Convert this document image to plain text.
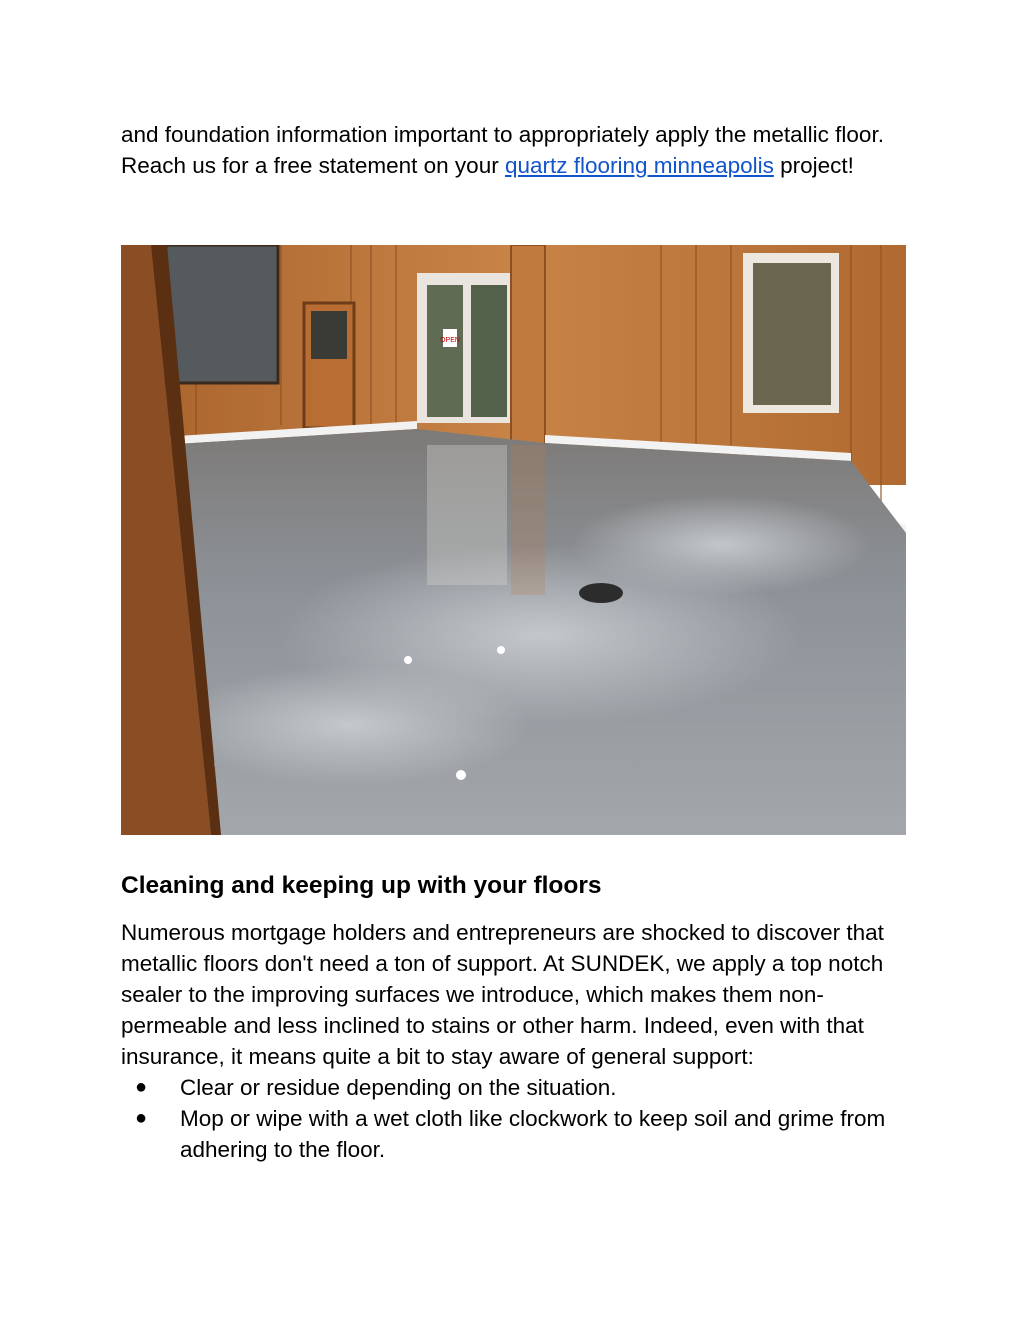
and foundation information important to appropriately apply the metallic floor. Reach us for a free statement on your quartz flooring minneapolis project!

OPEN
Cleaning and keeping up with your floors

Numerous mortgage holders and entrepreneurs are shocked to discover that metallic floors don't need a ton of support. At SUNDEK, we apply a top notch sealer to the improving surfaces we introduce, which makes them non-permeable and less inclined to stains or other harm. Indeed, even with that insurance, it means quite a bit to stay aware of general support:

● Clear or residue depending on the situation.
● Mop or wipe with a wet cloth like clockwork to keep soil and grime from adhering to the floor.
